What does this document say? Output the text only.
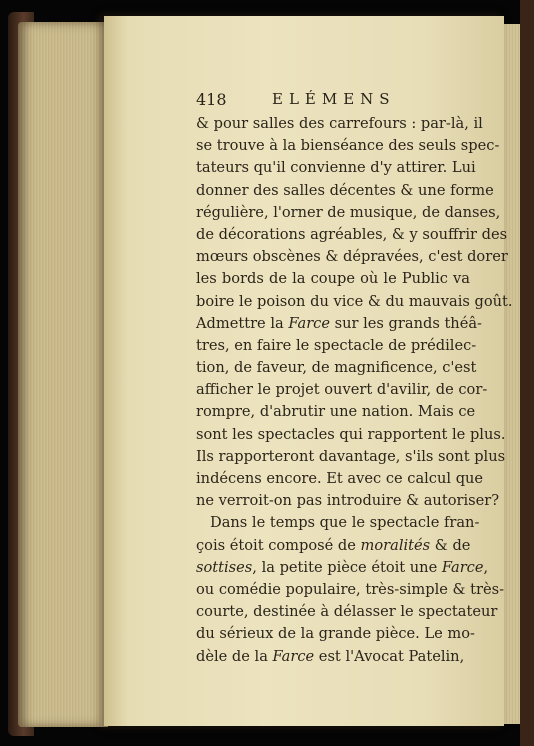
418	ELÉMENS
& pour salles des carrefours : par-là, il
se trouve à la bienséance des seuls spec-
tateurs qu'il convienne d'y attirer. Lui
donner des salles décentes & une forme
régulière, l'orner de musique, de danses,
de décorations agréables, & y souffrir des
mœurs obscènes & dépravées, c'est dorer
les bords de la coupe où le Public va
boire le poison du vice & du mauvais goût.
Admettre la Farce sur les grands théâ-
tres, en faire le spectacle de prédilec-
tion, de faveur, de magnificence, c'est
afficher le projet ouvert d'avilir, de cor-
rompre, d'abrutir une nation. Mais ce
sont les spectacles qui rapportent le plus.
Ils rapporteront davantage, s'ils sont plus
indécens encore. Et avec ce calcul que
ne verroit-on pas introduire & autoriser?
Dans le temps que le spectacle fran-
çois étoit composé de moralités & de
sottises, la petite pièce étoit une Farce,
ou comédie populaire, très-simple & très-
courte, destinée à délasser le spectateur
du sérieux de la grande pièce. Le mo-
dèle de la Farce est l'Avocat Patelin,
